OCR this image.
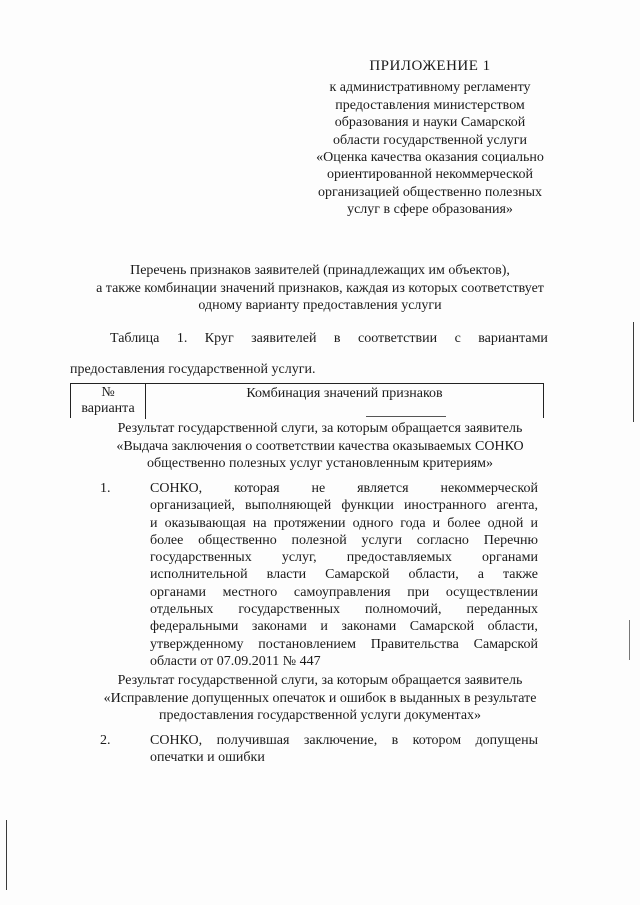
ПРИЛОЖЕНИЕ 1
к административному регламенту
предоставления министерством
образования и науки Самарской
области государственной услуги
«Оценка качества оказания социально
ориентированной некоммерческой
организацией общественно полезных
услуг в сфере образования»
Перечень признаков заявителей (принадлежащих им объектов),
а также комбинации значений признаков, каждая из которых соответствует
одному варианту предоставления услуги
Таблица 1. Круг заявителей в соответствии с вариантами
предоставления государственной услуги.
№
варианта
Комбинация значений признаков
Результат государственной слуги, за которым обращается заявитель
«Выдача заключения о соответствии качества оказываемых СОНКО
общественно полезных услуг установленным критериям»
1.	СОНКО, которая не является некоммерческой
организацией, выполняющей функции иностранного агента,
и оказывающая на протяжении одного года и более одной и
более общественно полезной услуги согласно Перечню
государственных услуг, предоставляемых органами
исполнительной власти Самарской области, а также
органами местного самоуправления при осуществлении
отдельных государственных полномочий, переданных
федеральными законами и законами Самарской области,
утвержденному постановлением Правительства Самарской
области от 07.09.2011 № 447
Результат государственной слуги, за которым обращается заявитель
«Исправление допущенных опечаток и ошибок в выданных в результате
предоставления государственной услуги документах»
2.	СОНКО, получившая заключение, в котором допущены
опечатки и ошибки
